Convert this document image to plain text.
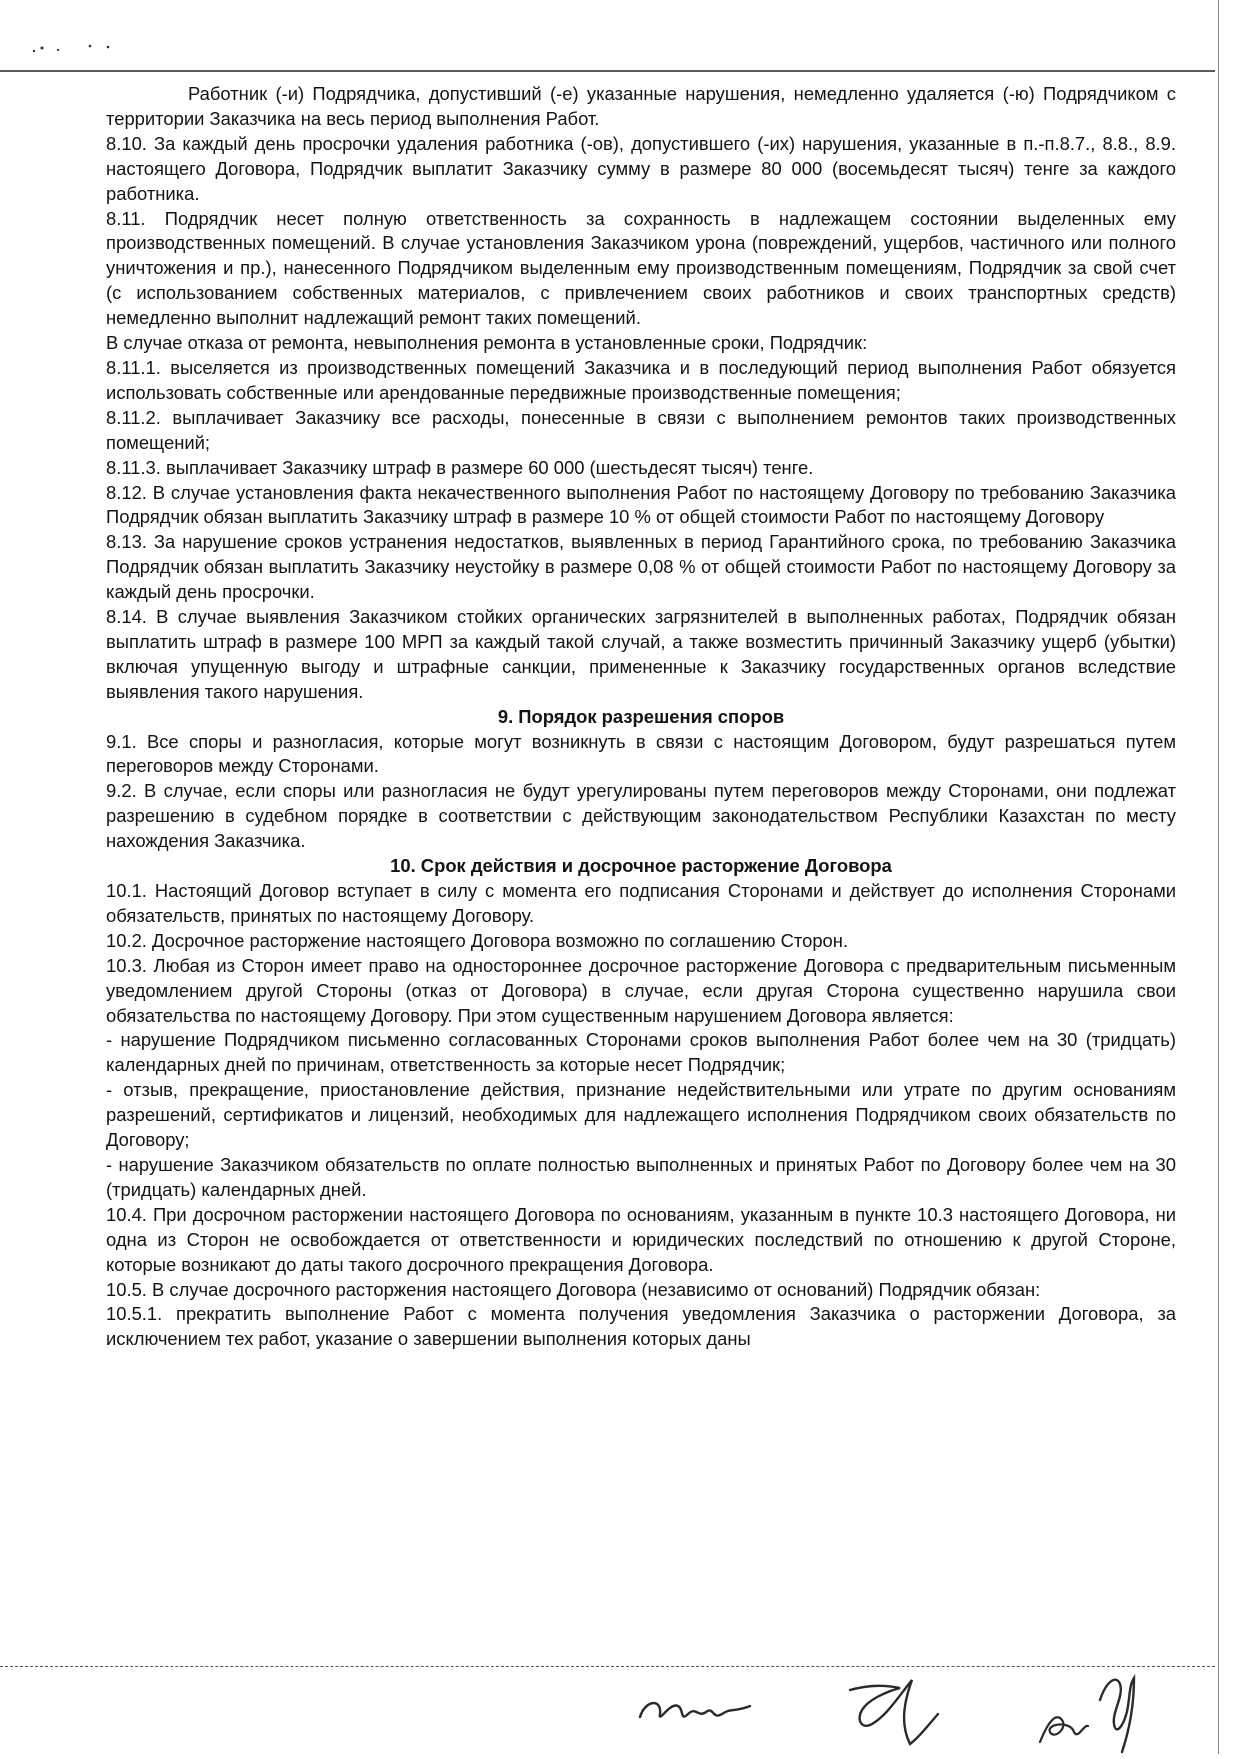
Работник (-и) Подрядчика, допустивший (-е) указанные нарушения, немедленно удаляется (-ю) Подрядчиком с территории Заказчика на весь период выполнения Работ.

8.10. За каждый день просрочки удаления работника (-ов), допустившего (-их) нарушения, указанные в п.-п.8.7., 8.8., 8.9. настоящего Договора, Подрядчик выплатит Заказчику сумму в размере 80 000 (восемьдесят тысяч) тенге за каждого работника.

8.11. Подрядчик несет полную ответственность за сохранность в надлежащем состоянии выделенных ему производственных помещений. В случае установления Заказчиком урона (повреждений, ущербов, частичного или полного уничтожения и пр.), нанесенного Подрядчиком выделенным ему производственным помещениям, Подрядчик за свой счет (с использованием собственных материалов, с привлечением своих работников и своих транспортных средств) немедленно выполнит надлежащий ремонт таких помещений.

В случае отказа от ремонта, невыполнения ремонта в установленные сроки, Подрядчик:

8.11.1. выселяется из производственных помещений Заказчика и в последующий период выполнения Работ обязуется использовать собственные или арендованные передвижные производственные помещения;

8.11.2. выплачивает Заказчику все расходы, понесенные в связи с выполнением ремонтов таких производственных помещений;

8.11.3. выплачивает Заказчику штраф в размере 60 000 (шестьдесят тысяч) тенге.

8.12. В случае установления факта некачественного выполнения Работ по настоящему Договору по требованию Заказчика Подрядчик обязан выплатить Заказчику штраф в размере 10 % от общей стоимости Работ по настоящему Договору

8.13. За нарушение сроков устранения недостатков, выявленных в период Гарантийного срока, по требованию Заказчика Подрядчик обязан выплатить Заказчику неустойку в размере 0,08 % от общей стоимости Работ по настоящему Договору за каждый день просрочки.

8.14. В случае выявления Заказчиком стойких органических загрязнителей в выполненных работах, Подрядчик обязан выплатить штраф в размере 100 МРП за каждый такой случай, а также возместить причинный Заказчику ущерб (убытки) включая упущенную выгоду и штрафные санкции, примененные к Заказчику государственных органов вследствие выявления такого нарушения.

9. Порядок разрешения споров

9.1. Все споры и разногласия, которые могут возникнуть в связи с настоящим Договором, будут разрешаться путем переговоров между Сторонами.

9.2. В случае, если споры или разногласия не будут урегулированы путем переговоров между Сторонами, они подлежат разрешению в судебном порядке в соответствии с действующим законодательством Республики Казахстан по месту нахождения Заказчика.

10. Срок действия и досрочное расторжение Договора

10.1. Настоящий Договор вступает в силу с момента его подписания Сторонами и действует до исполнения Сторонами обязательств, принятых по настоящему Договору.

10.2. Досрочное расторжение настоящего Договора возможно по соглашению Сторон.

10.3. Любая из Сторон имеет право на одностороннее досрочное расторжение Договора с предварительным письменным уведомлением другой Стороны (отказ от Договора) в случае, если другая Сторона существенно нарушила свои обязательства по настоящему Договору. При этом существенным нарушением Договора является:

- нарушение Подрядчиком письменно согласованных Сторонами сроков выполнения Работ более чем на 30 (тридцать) календарных дней по причинам, ответственность за которые несет Подрядчик;

- отзыв, прекращение, приостановление действия, признание недействительными или утрате по другим основаниям разрешений, сертификатов и лицензий, необходимых для надлежащего исполнения Подрядчиком своих обязательств по Договору;

- нарушение Заказчиком обязательств по оплате полностью выполненных и принятых Работ по Договору более чем на 30 (тридцать) календарных дней.

10.4. При досрочном расторжении настоящего Договора по основаниям, указанным в пункте 10.3 настоящего Договора, ни одна из Сторон не освобождается от ответственности и юридических последствий по отношению к другой Стороне, которые возникают до даты такого досрочного прекращения Договора.

10.5. В случае досрочного расторжения настоящего Договора (независимо от оснований) Подрядчик обязан:

10.5.1. прекратить выполнение Работ с момента получения уведомления Заказчика о расторжении Договора, за исключением тех работ, указание о завершении выполнения которых даны
